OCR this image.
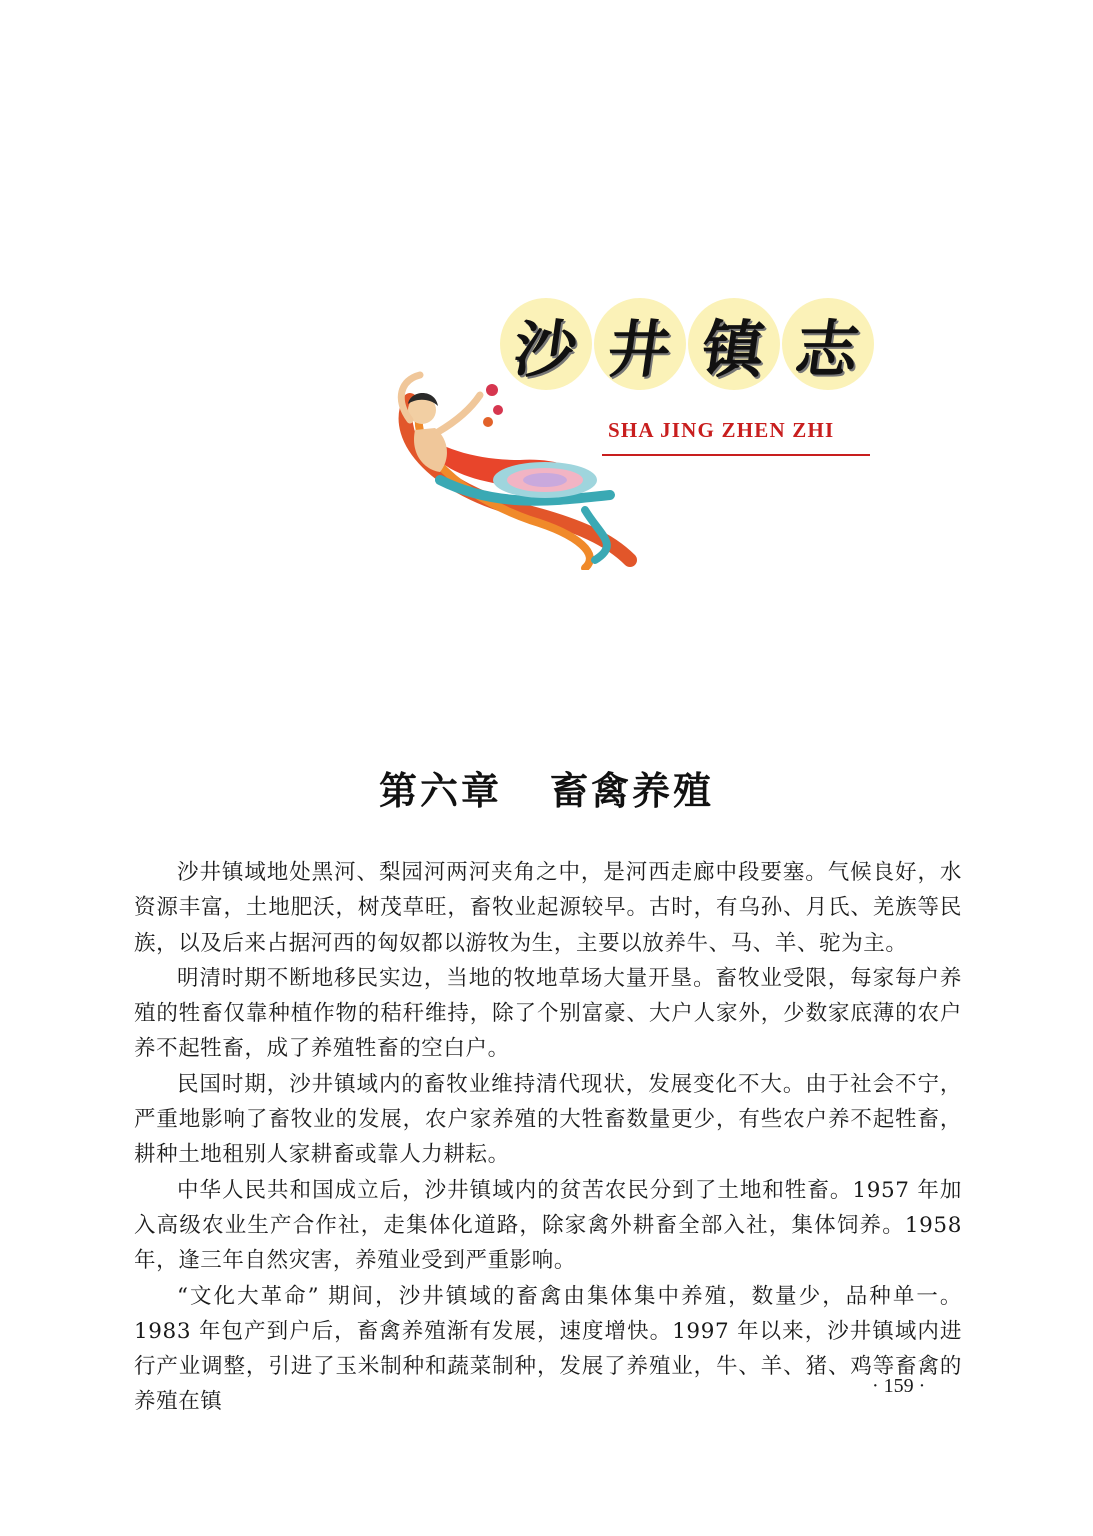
沙 井 镇 志
SHA JING ZHEN ZHI
第六章 畜禽养殖

沙井镇域地处黑河、梨园河两河夹角之中，是河西走廊中段要塞。气候良好，水资源丰富，土地肥沃，树茂草旺，畜牧业起源较早。古时，有乌孙、月氏、羌族等民族，以及后来占据河西的匈奴都以游牧为生，主要以放养牛、马、羊、驼为主。

明清时期不断地移民实边，当地的牧地草场大量开垦。畜牧业受限，每家每户养殖的牲畜仅靠种植作物的秸秆维持，除了个别富豪、大户人家外，少数家底薄的农户养不起牲畜，成了养殖牲畜的空白户。

民国时期，沙井镇域内的畜牧业维持清代现状，发展变化不大。由于社会不宁，严重地影响了畜牧业的发展，农户家养殖的大牲畜数量更少，有些农户养不起牲畜，耕种土地租别人家耕畜或靠人力耕耘。

中华人民共和国成立后，沙井镇域内的贫苦农民分到了土地和牲畜。1957 年加入高级农业生产合作社，走集体化道路，除家禽外耕畜全部入社，集体饲养。1958 年，逢三年自然灾害，养殖业受到严重影响。

“文化大革命” 期间，沙井镇域的畜禽由集体集中养殖，数量少，品种单一。1983 年包产到户后，畜禽养殖渐有发展，速度增快。1997 年以来，沙井镇域内进行产业调整，引进了玉米制种和蔬菜制种，发展了养殖业，牛、羊、猪、鸡等畜禽的养殖在镇

· 159 ·
